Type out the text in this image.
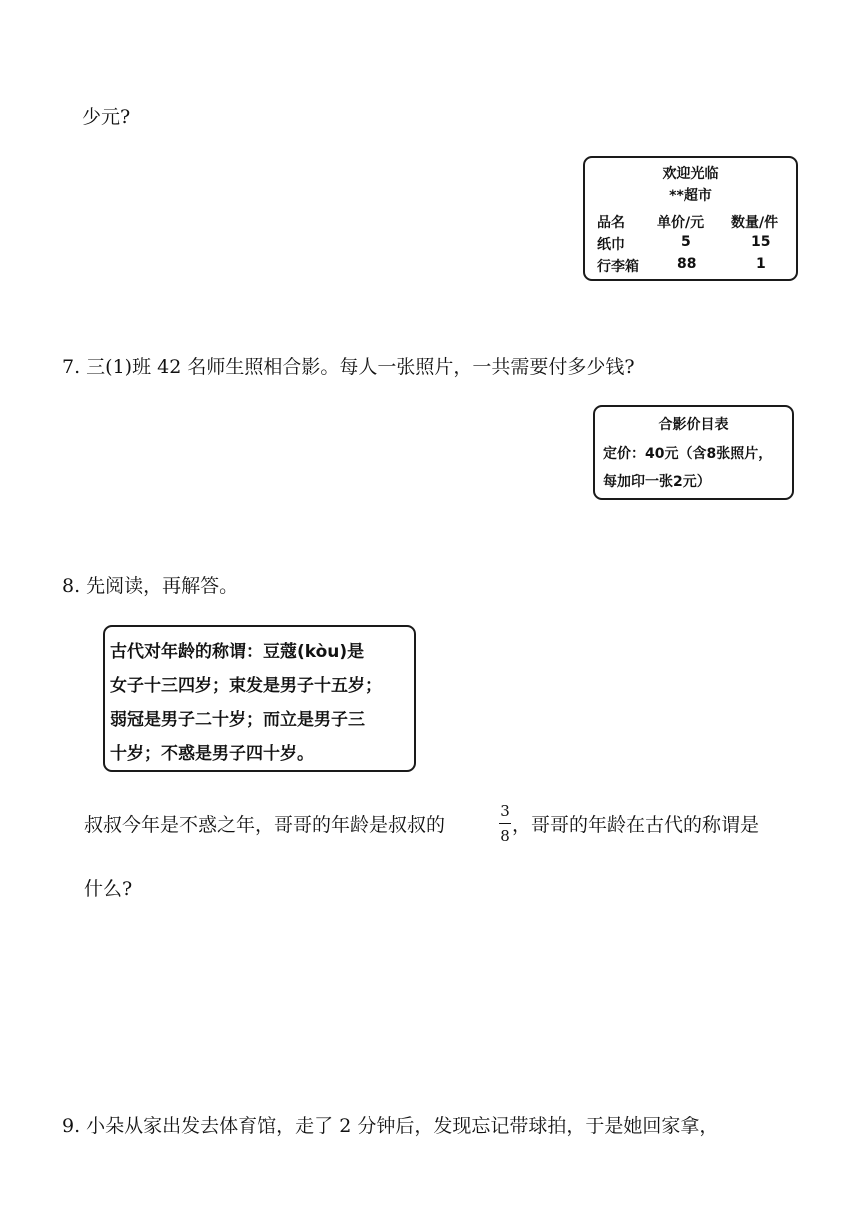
少元?
欢迎光临
**超市
品名 单价/元 数量/件
纸巾	5	15
行李箱	88	1
7. 三(1)班 42 名师生照相合影。每人一张照片，一共需要付多少钱?
合影价目表
定价：40元（含8张照片，
每加印一张2元）
8. 先阅读，再解答。
古代对年龄的称谓：豆蔻(kòu)是
女子十三四岁；束发是男子十五岁；
弱冠是男子二十岁；而立是男子三
十岁；不惑是男子四十岁。
叔叔今年是不惑之年，哥哥的年龄是叔叔的
3
8 ，哥哥的年龄在古代的称谓是
什么?
9. 小朵从家出发去体育馆，走了 2 分钟后，发现忘记带球拍，于是她回家拿，
